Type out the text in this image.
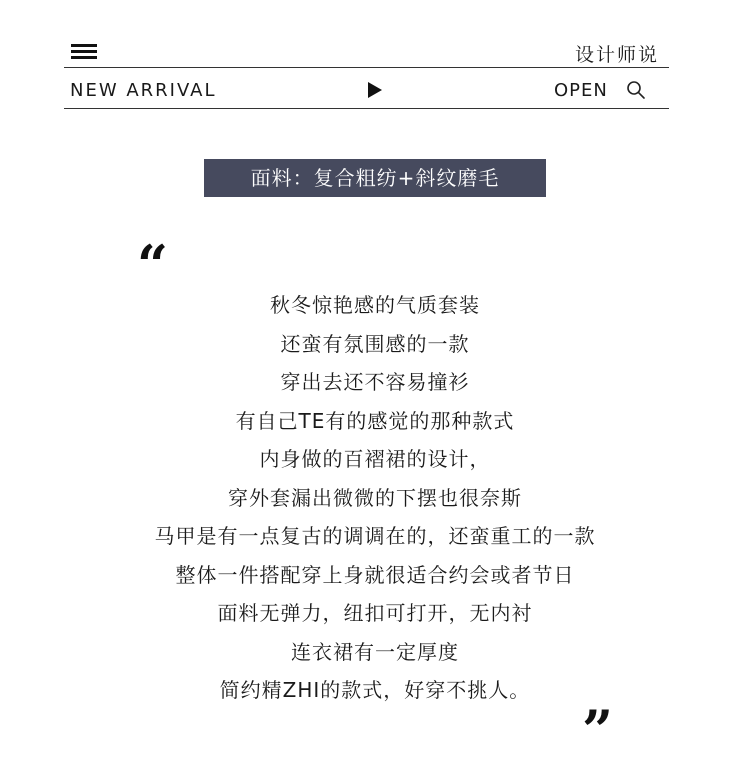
设计师说
NEW ARRIVAL	OPEN
面料：复合粗纺+斜纹磨毛
“
秋冬惊艳感的气质套装
还蛮有氛围感的一款
穿出去还不容易撞衫
有自己TE有的感觉的那种款式
内身做的百褶裙的设计，
穿外套漏出微微的下摆也很奈斯
马甲是有一点复古的调调在的，还蛮重工的一款
整体一件搭配穿上身就很适合约会或者节日
面料无弹力，纽扣可打开，无内衬
连衣裙有一定厚度
简约精ZHI的款式，好穿不挑人。
”
